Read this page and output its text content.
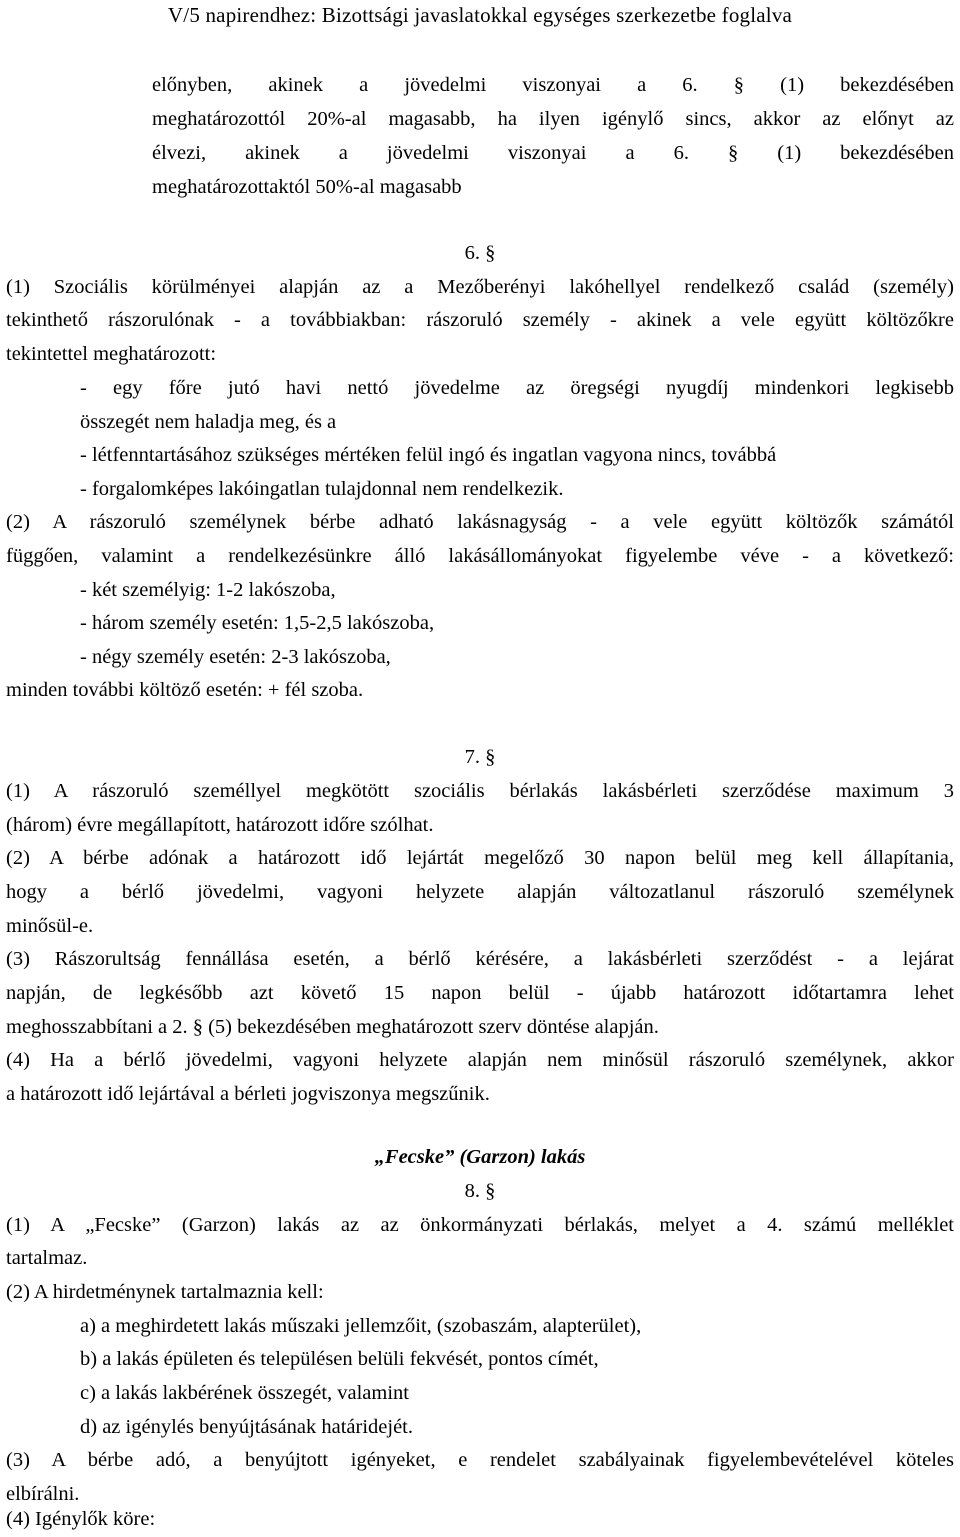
V/5 napirendhez: Bizottsági javaslatokkal egységes szerkezetbe foglalva
előnyben, akinek a jövedelmi viszonyai a 6. § (1) bekezdésében
meghatározottól 20%-al magasabb, ha ilyen igénylő sincs, akkor az előnyt az
élvezi, akinek a jövedelmi viszonyai a 6. § (1) bekezdésében
meghatározottaktól 50%-al magasabb
6. §
(1) Szociális körülményei alapján az a Mezőberényi lakóhellyel rendelkező család (személy)
tekinthető rászorulónak - a továbbiakban: rászoruló személy - akinek a vele együtt költözőkre
tekintettel meghatározott:
- egy főre jutó havi nettó jövedelme az öregségi nyugdíj mindenkori legkisebb
összegét nem haladja meg, és a
- létfenntartásához szükséges mértéken felül ingó és ingatlan vagyona nincs, továbbá
- forgalomképes lakóingatlan tulajdonnal nem rendelkezik.
(2) A rászoruló személynek bérbe adható lakásnagyság - a vele együtt költözők számától
függően, valamint a rendelkezésünkre álló lakásállományokat figyelembe véve - a következő:
- két személyig: 1-2 lakószoba,
- három személy esetén: 1,5-2,5 lakószoba,
- négy személy esetén: 2-3 lakószoba,
minden további költöző esetén: + fél szoba.
7. §
(1) A rászoruló személlyel megkötött szociális bérlakás lakásbérleti szerződése maximum 3
(három) évre megállapított, határozott időre szólhat.
(2) A bérbe adónak a határozott idő lejártát megelőző 30 napon belül meg kell állapítania,
hogy a bérlő jövedelmi, vagyoni helyzete alapján változatlanul rászoruló személynek
minősül-e.
(3) Rászorultság fennállása esetén, a bérlő kérésére, a lakásbérleti szerződést - a lejárat
napján, de legkésőbb azt követő 15 napon belül - újabb határozott időtartamra lehet
meghosszabbítani a 2. § (5) bekezdésében meghatározott szerv döntése alapján.
(4) Ha a bérlő jövedelmi, vagyoni helyzete alapján nem minősül rászoruló személynek, akkor
a határozott idő lejártával a bérleti jogviszonya megszűnik.
„Fecske” (Garzon) lakás
8. §
(1) A „Fecske” (Garzon) lakás az az önkormányzati bérlakás, melyet a 4. számú melléklet
tartalmaz.
(2) A hirdetménynek tartalmaznia kell:
a) a meghirdetett lakás műszaki jellemzőit, (szobaszám, alapterület),
b) a lakás épületen és településen belüli fekvését, pontos címét,
c) a lakás lakbérének összegét, valamint
d) az igénylés benyújtásának határidejét.
(3) A bérbe adó, a benyújtott igényeket, e rendelet szabályainak figyelembevételével köteles
elbírálni.
(4) Igénylők köre:
